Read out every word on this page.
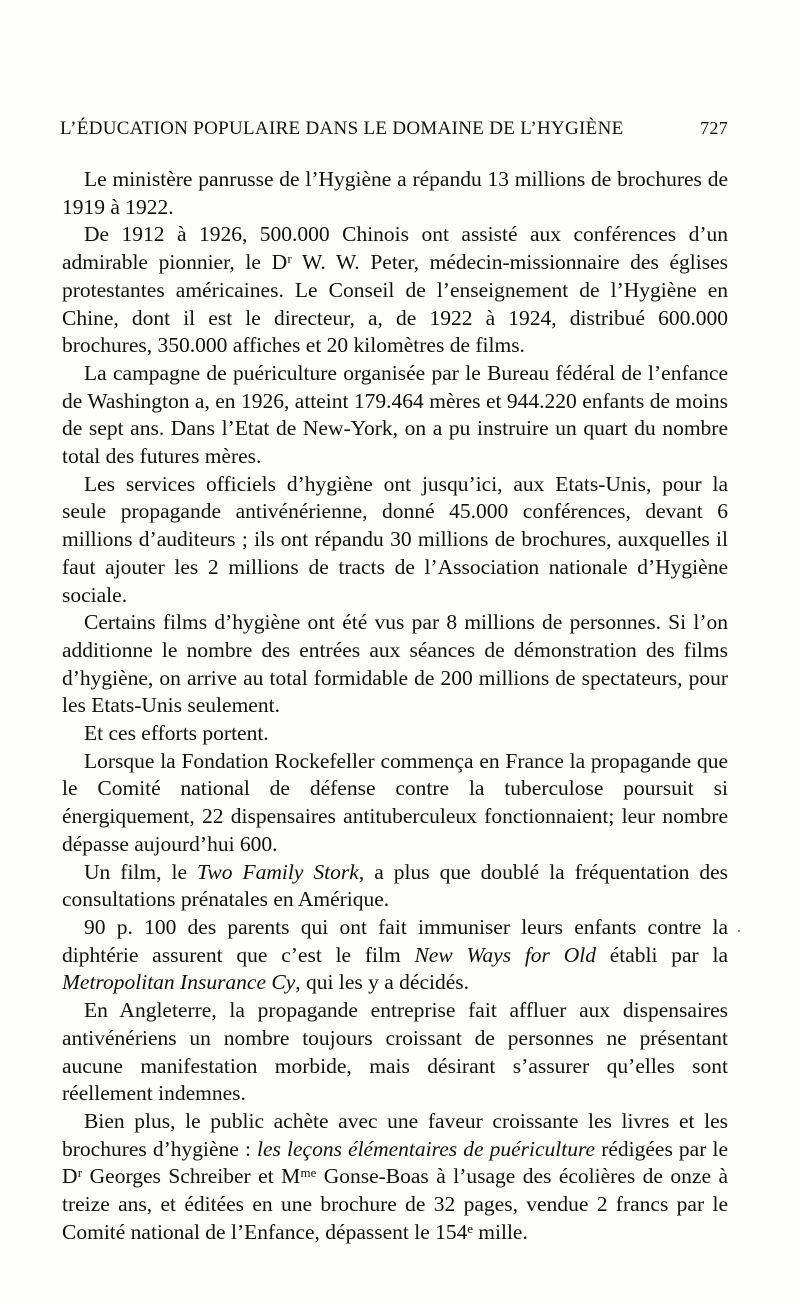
L’ÉDUCATION POPULAIRE DANS LE DOMAINE DE L’HYGIÈNE	727

Le ministère panrusse de l’Hygiène a répandu 13 millions de brochures de 1919 à 1922.

De 1912 à 1926, 500.000 Chinois ont assisté aux conférences d’un admirable pionnier, le Dʳ W. W. Peter, médecin-missionnaire des églises protestantes américaines. Le Conseil de l’enseignement de l’Hygiène en Chine, dont il est le directeur, a, de 1922 à 1924, distribué 600.000 brochures, 350.000 affiches et 20 kilomètres de films.

La campagne de puériculture organisée par le Bureau fédéral de l’enfance de Washington a, en 1926, atteint 179.464 mères et 944.220 enfants de moins de sept ans. Dans l’Etat de New-York, on a pu instruire un quart du nombre total des futures mères.

Les services officiels d’hygiène ont jusqu’ici, aux Etats-Unis, pour la seule propagande antivénérienne, donné 45.000 conférences, devant 6 millions d’auditeurs ; ils ont répandu 30 millions de brochures, auxquelles il faut ajouter les 2 millions de tracts de l’Association nationale d’Hygiène sociale.

Certains films d’hygiène ont été vus par 8 millions de personnes. Si l’on additionne le nombre des entrées aux séances de démonstration des films d’hygiène, on arrive au total formidable de 200 millions de spectateurs, pour les Etats-Unis seulement.

Et ces efforts portent.

Lorsque la Fondation Rockefeller commença en France la propagande que le Comité national de défense contre la tuberculose poursuit si énergiquement, 22 dispensaires antituberculeux fonctionnaient; leur nombre dépasse aujourd’hui 600.

Un film, le Two Family Stork, a plus que doublé la fréquentation des consultations prénatales en Amérique.

90 p. 100 des parents qui ont fait immuniser leurs enfants contre la diphtérie assurent que c’est le film New Ways for Old établi par la Metropolitan Insurance Cy, qui les y a décidés.

En Angleterre, la propagande entreprise fait affluer aux dispensaires antivénériens un nombre toujours croissant de personnes ne présentant aucune manifestation morbide, mais désirant s’assurer qu’elles sont réellement indemnes.

Bien plus, le public achète avec une faveur croissante les livres et les brochures d’hygiène : les leçons élémentaires de puériculture rédigées par le Dʳ Georges Schreiber et Mᵐᵉ Gonse-Boas à l’usage des écolières de onze à treize ans, et éditées en une brochure de 32 pages, vendue 2 francs par le Comité national de l’Enfance, dépassent le 154ᵉ mille.
